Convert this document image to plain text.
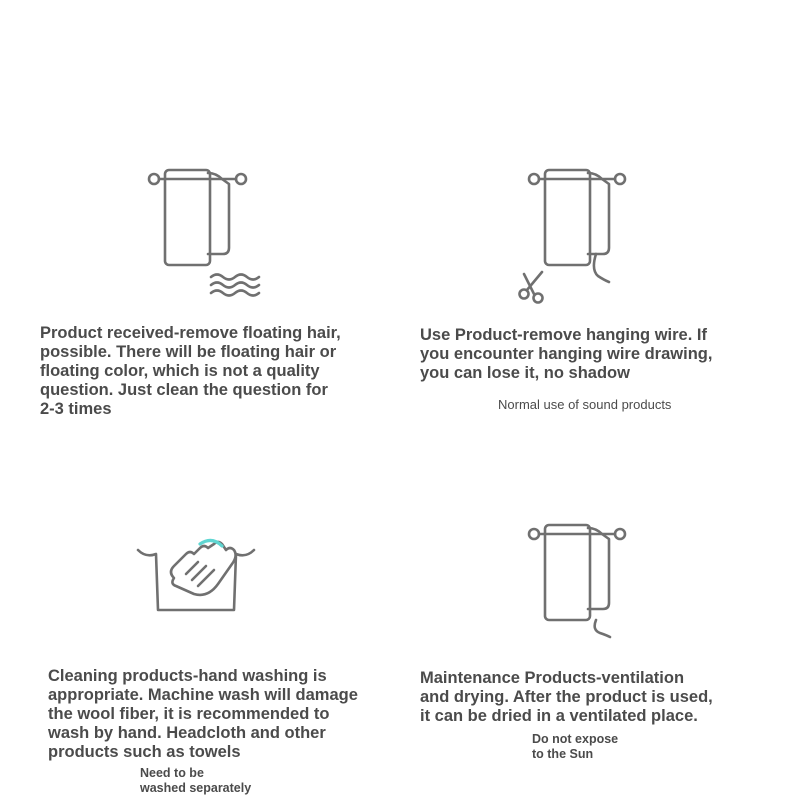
Product received-remove floating hair,
possible. There will be floating hair or
floating color, which is not a quality
question. Just clean the question for
2-3 times

Use Product-remove hanging wire. If
you encounter hanging wire drawing,
you can lose it, no shadow

Normal use of sound products

Cleaning products-hand washing is
appropriate. Machine wash will damage
the wool fiber, it is recommended to
wash by hand. Headcloth and other
products such as towels

Need to be
washed separately

Maintenance Products-ventilation
and drying. After the product is used,
it can be dried in a ventilated place.

Do not expose
to the Sun
